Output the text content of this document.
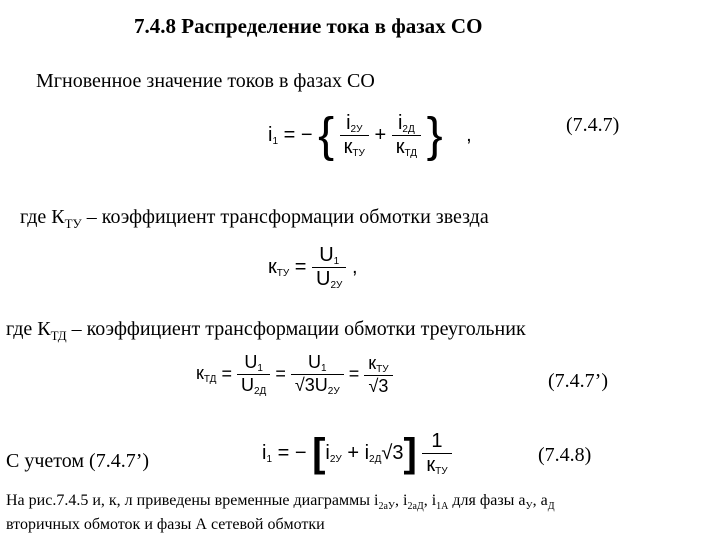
7.4.8 Распределение тока в фазах СО
Мгновенное значение токов в фазах СО
$i_1$ = − { $\frac{i_{2У}}{к_{ТУ}} + \frac{i_{2Д}}{к_{ТД}}$ } ,	(7.4.7)
где $К_{ТУ}$ – коэффициент трансформации обмотки звезда
$к_{ТУ} = \frac{U_1}{U_{2У}}$ ,
где $К_{ТД}$ – коэффициент трансформации обмотки треугольник
$к_{ТД} = \frac{U_1}{U_{2Д}} = \frac{U_1}{√3U_{2У}} = \frac{к_{ТУ}}{√3}$	(7.4.7’)
С учетом (7.4.7’)	$i_1$ = − $[i_{2У} + i_{2Д}√3] \frac{1}{к_{ТУ}}$	(7.4.8)
На рис.7.4.5 и, к, л приведены временные диаграммы $i_{2аУ}$, $i_{2аД}$, $i_{1А}$ для фазы $а_У$, $а_Д$
вторичных обмоток и фазы А сетевой обмотки
